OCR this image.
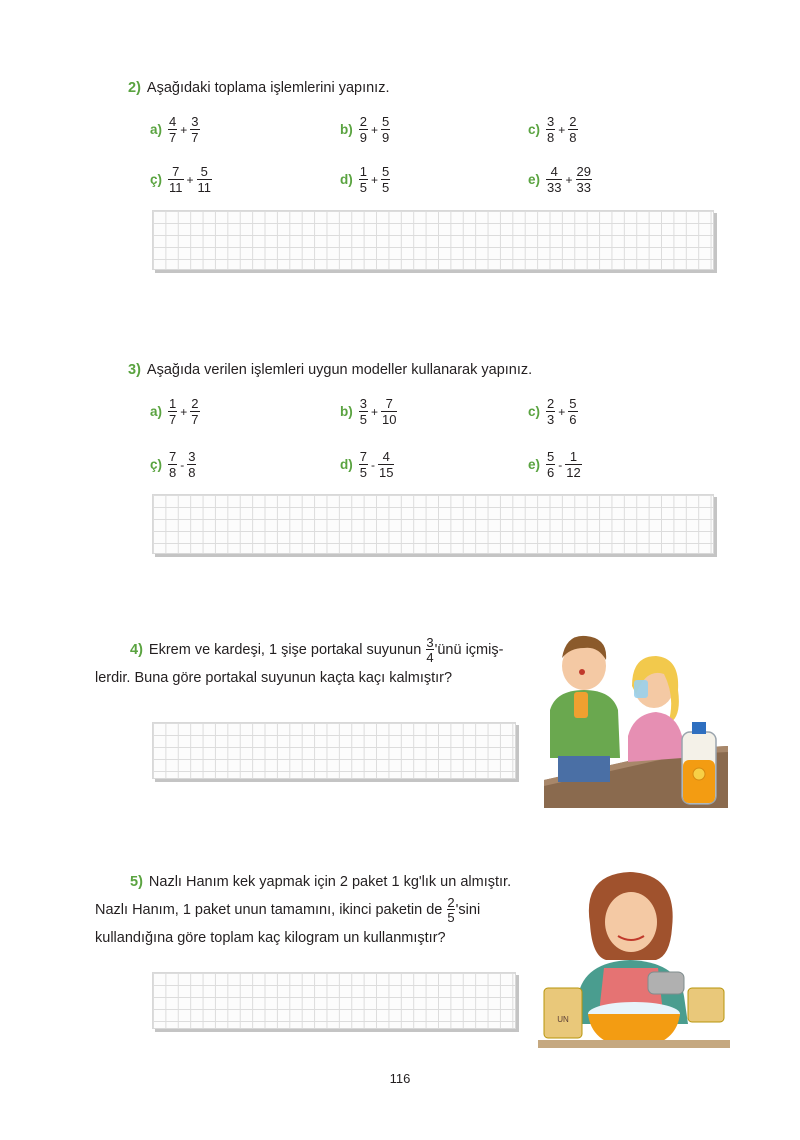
2) Aşağıdaki toplama işlemlerini yapınız.
$a) \frac{4}{7} + \frac{3}{7}$	$b) \frac{2}{9} + \frac{5}{9}$	$c) \frac{3}{8} + \frac{2}{8}$
ç) $\frac{7}{11} + \frac{5}{11}$	$d) \frac{1}{5} + \frac{5}{5}$	$e) \frac{4}{33} + \frac{29}{33}$
3) Aşağıda verilen işlemleri uygun modeller kullanarak yapınız.
$a) \frac{1}{7} + \frac{2}{7}$	$b) \frac{3}{5} + \frac{7}{10}$	$c) \frac{2}{3} + \frac{5}{6}$
ç) $\frac{7}{8} - \frac{3}{8}$	$d) \frac{7}{5} - \frac{4}{15}$	$e) \frac{5}{6} - \frac{1}{12}$
4) Ekrem ve kardeşi, 1 şişe portakal suyunun $\frac{3}{4}$ 'ünü içmiş-
lerdir. Buna göre portakal suyunun kaçta kaçı kalmıştır?
5) Nazlı Hanım kek yapmak için 2 paket 1 kg'lık un almıştır.
Nazlı Hanım, 1 paket unun tamamını, ikinci paketin de $\frac{2}{5}$ 'sini
kullandığına göre toplam kaç kilogram un kullanmıştır?
UN
116
